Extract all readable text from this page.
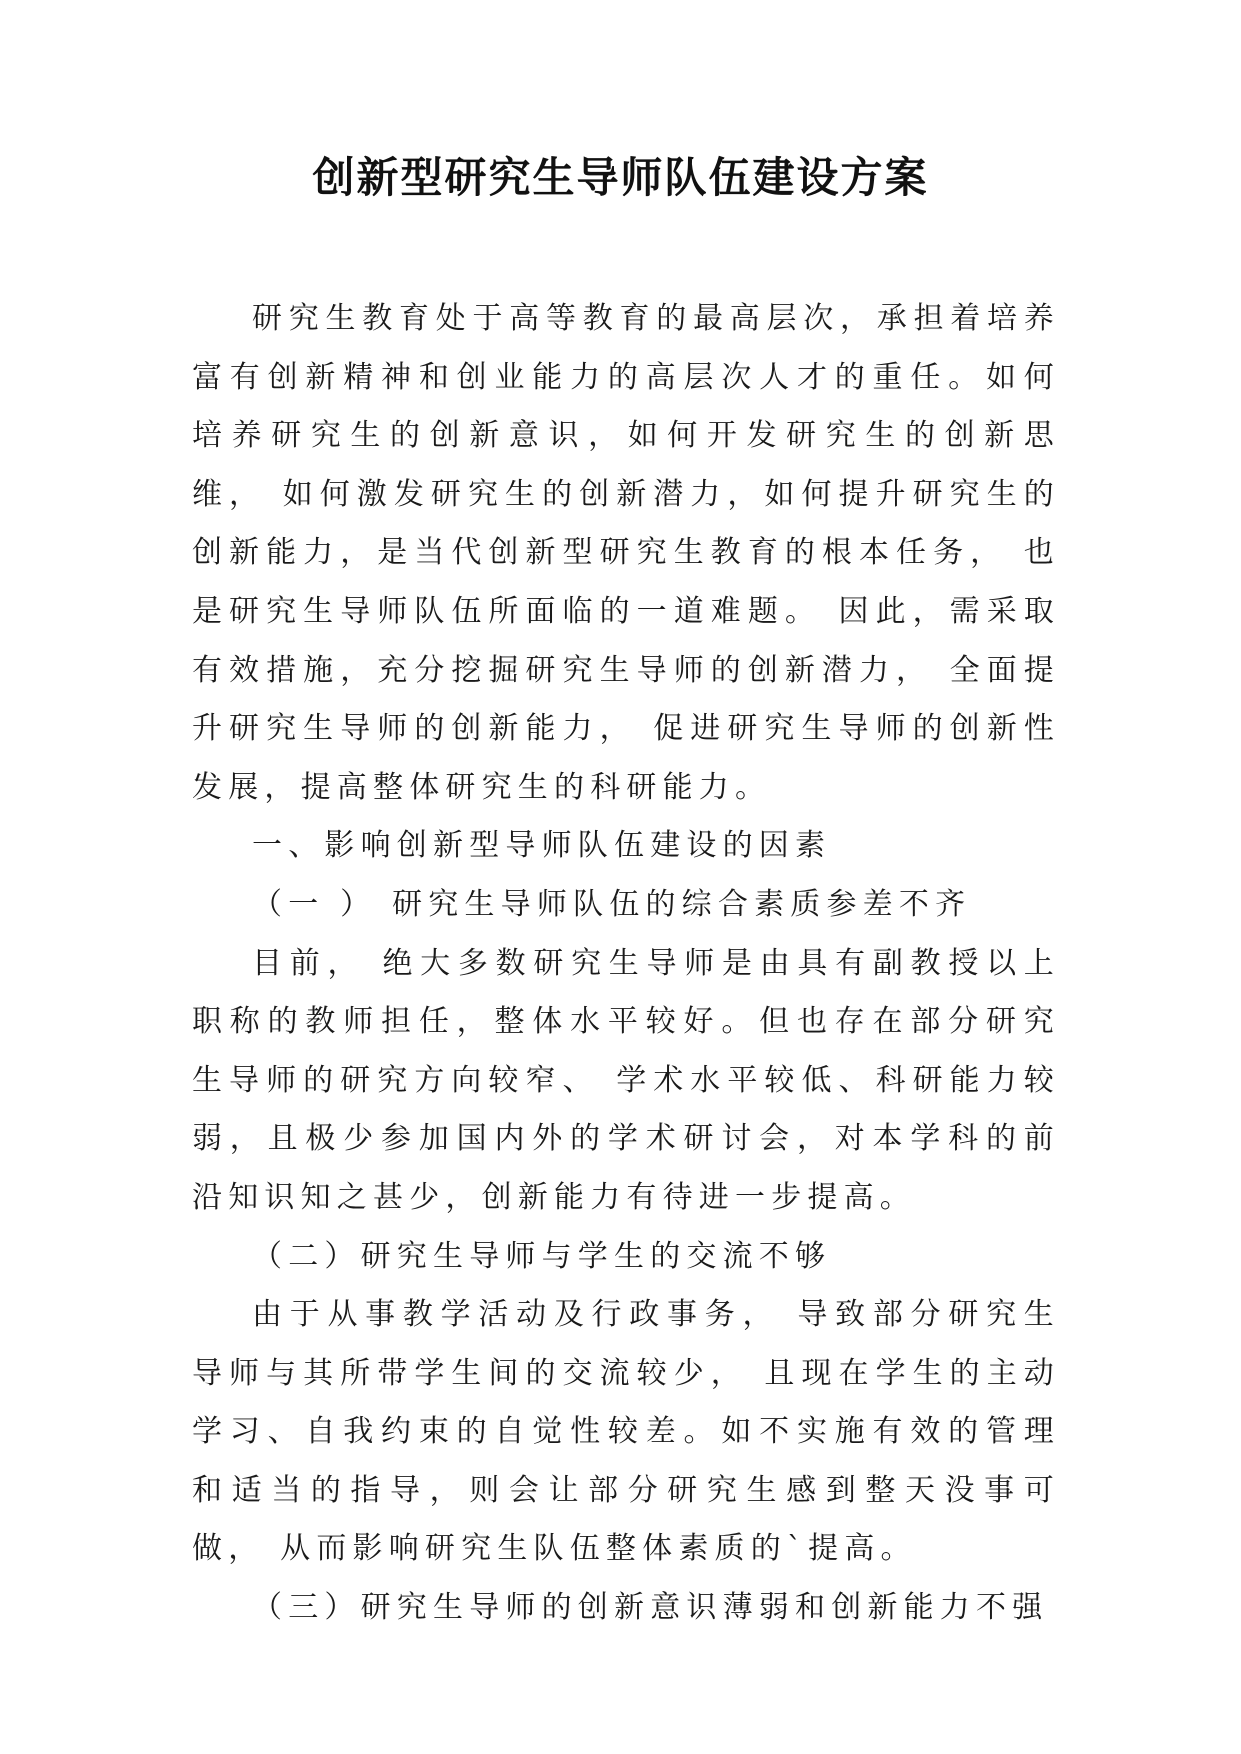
创新型研究生导师队伍建设方案

研究生教育处于高等教育的最高层次，承担着培养富有创新精神和创业能力的高层次人才的重任。如何培养研究生的创新意识，如何开发研究生的创新思维， 如何激发研究生的创新潜力，如何提升研究生的创新能力，是当代创新型研究生教育的根本任务， 也是研究生导师队伍所面临的一道难题。 因此，需采取有效措施，充分挖掘研究生导师的创新潜力， 全面提升研究生导师的创新能力， 促进研究生导师的创新性发展，提高整体研究生的科研能力。

一、影响创新型导师队伍建设的因素

（一 ） 研究生导师队伍的综合素质参差不齐

目前， 绝大多数研究生导师是由具有副教授以上职称的教师担任，整体水平较好。但也存在部分研究生导师的研究方向较窄、 学术水平较低、科研能力较弱，且极少参加国内外的学术研讨会，对本学科的前沿知识知之甚少，创新能力有待进一步提高。

（二）研究生导师与学生的交流不够

由于从事教学活动及行政事务， 导致部分研究生导师与其所带学生间的交流较少， 且现在学生的主动学习、自我约束的自觉性较差。如不实施有效的管理和适当的指导，则会让部分研究生感到整天没事可做， 从而影响研究生队伍整体素质的`提高。

（三）研究生导师的创新意识薄弱和创新能力不强
